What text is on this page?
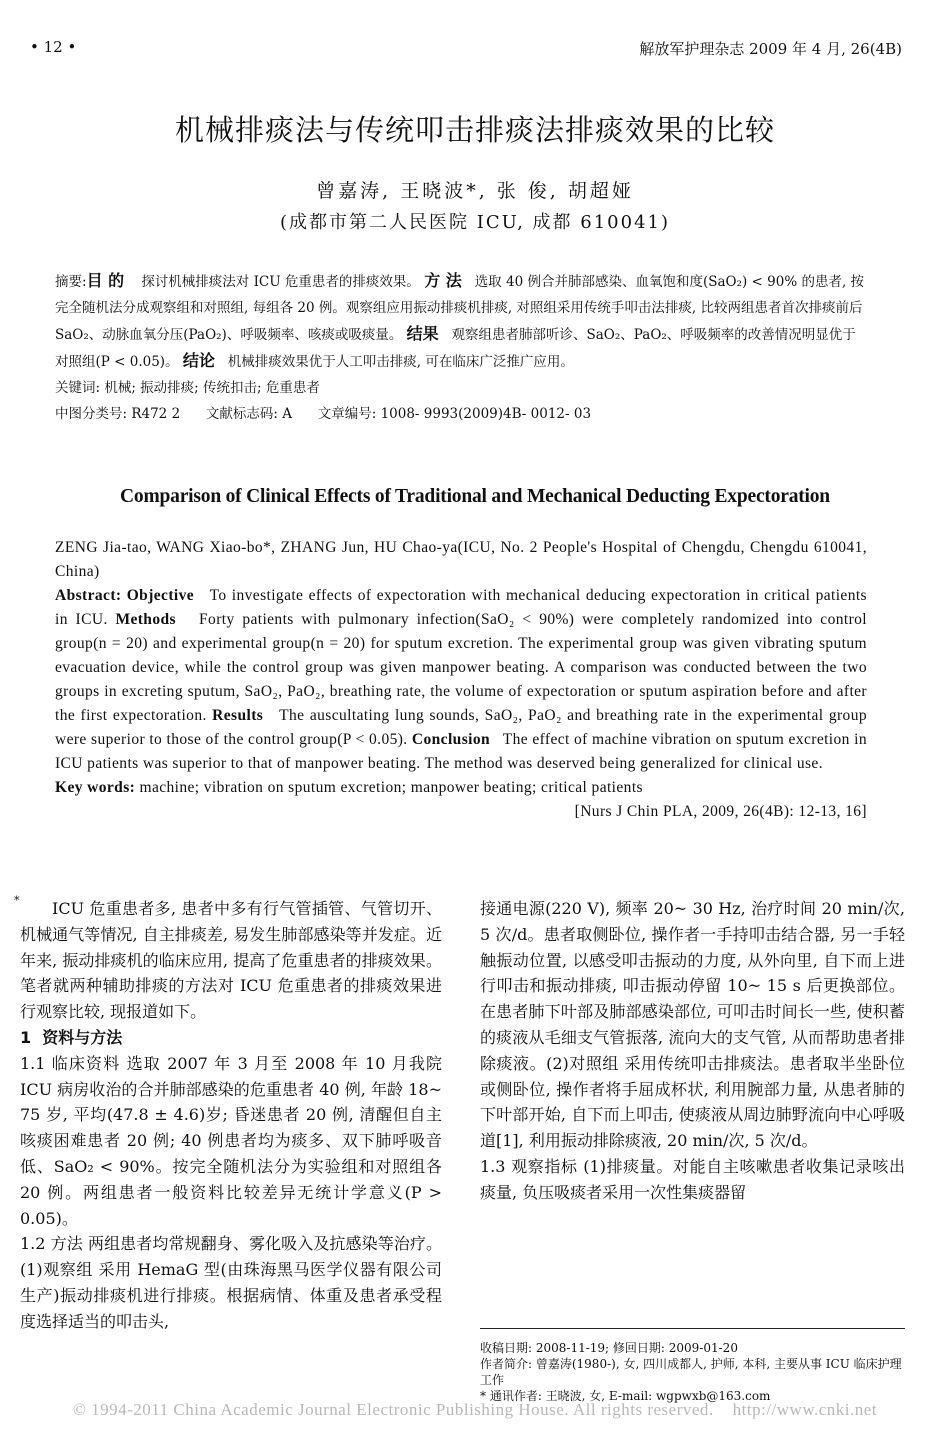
• 12 •	解放军护理杂志 2009 年 4 月, 26(4B)
机械排痰法与传统叩击排痰法排痰效果的比较
曾嘉涛, 王晓波*, 张 俊, 胡超娅
(成都市第二人民医院 ICU, 成都 610041)

摘要:目 的 探讨机械排痰法对 ICU 危重患者的排痰效果。 方 法 选取 40 例合并肺部感染、血氧饱和度(SaO₂) < 90% 的患者, 按完全随机法分成观察组和对照组, 每组各 20 例。观察组应用振动排痰机排痰, 对照组采用传统手叩击法排痰, 比较两组患者首次排痰前后 SaO₂、动脉血氧分压(PaO₂)、呼吸频率、咳痰或吸痰量。 结果 观察组患者肺部听诊、SaO₂、PaO₂、呼吸频率的改善情况明显优于对照组(P < 0.05)。 结论 机械排痰效果优于人工叩击排痰, 可在临床广泛推广应用。

关键词: 机械; 振动排痰; 传统扣击; 危重患者

中图分类号: R472 2      文献标志码: A      文章编号: 1008- 9993(2009)4B- 0012- 03

Comparison of Clinical Effects of Traditional and Mechanical Deducting Expectoration

ZENG Jia-tao, WANG Xiao-bo*, ZHANG Jun, HU Chao-ya(ICU, No. 2 People's Hospital of Chengdu, Chengdu 610041, China)

Abstract: Objective To investigate effects of expectoration with mechanical deducing expectoration in critical patients in ICU. Methods Forty patients with pulmonary infection(SaO₂ < 90%) were completely randomized into control group(n = 20) and experimental group(n = 20) for sputum excretion. The experimental group was given vibrating sputum evacuation device, while the control group was given manpower beating. A comparison was conducted between the two groups in excreting sputum, SaO₂, PaO₂, breathing rate, the volume of expectoration or sputum aspiration before and after the first expectoration. Results The auscultating lung sounds, SaO₂, PaO₂ and breathing rate in the experimental group were superior to those of the control group(P < 0.05). Conclusion The effect of machine vibration on sputum excretion in ICU patients was superior to that of manpower beating. The method was deserved being generalized for clinical use.

Key words: machine; vibration on sputum excretion; manpower beating; critical patients

[Nurs J Chin PLA, 2009, 26(4B): 12-13, 16]

*	ICU 危重患者多, 患者中多有行气管插管、气管切开、机械通气等情况, 自主排痰差, 易发生肺部感染等并发症。近年来, 振动排痰机的临床应用, 提高了危重患者的排痰效果。笔者就两种辅助排痰的方法对 ICU 危重患者的排痰效果进行观察比较, 现报道如下。

1  资料与方法

1.1 临床资料 选取 2007 年 3 月至 2008 年 10 月我院 ICU 病房收治的合并肺部感染的危重患者 40 例, 年龄 18~ 75 岁, 平均(47.8 ± 4.6)岁; 昏迷患者 20 例, 清醒但自主咳痰困难患者 20 例; 40 例患者均为痰多、双下肺呼吸音低、SaO₂ < 90%。按完全随机法分为实验组和对照组各 20 例。两组患者一般资料比较差异无统计学意义(P > 0.05)。

1.2 方法 两组患者均常规翻身、雾化吸入及抗感染等治疗。(1)观察组 采用 HemaG 型(由珠海黑马医学仪器有限公司生产)振动排痰机进行排痰。根据病情、体重及患者承受程度选择适当的叩击头,

接通电源(220 V), 频率 20~ 30 Hz, 治疗时间 20 min/次, 5 次/d。患者取侧卧位, 操作者一手持叩击结合器, 另一手轻触振动位置, 以感受叩击振动的力度, 从外向里, 自下而上进行叩击和振动排痰, 叩击振动停留 10~ 15 s 后更换部位。在患者肺下叶部及肺部感染部位, 可叩击时间长一些, 使积蓄的痰液从毛细支气管振落, 流向大的支气管, 从而帮助患者排除痰液。(2)对照组 采用传统叩击排痰法。患者取半坐卧位或侧卧位, 操作者将手屈成杯状, 利用腕部力量, 从患者肺的下叶部开始, 自下而上叩击, 使痰液从周边肺野流向中心呼吸道[1], 利用振动排除痰液, 20 min/次, 5 次/d。

1.3 观察指标 (1)排痰量。对能自主咳嗽患者收集记录咳出痰量, 负压吸痰者采用一次性集痰器留

收稿日期: 2008-11-19; 修回日期: 2009-01-20

作者简介: 曾嘉涛(1980-), 女, 四川成都人, 护师, 本科, 主要从事 ICU 临床护理工作

* 通讯作者: 王晓波, 女, E-mail: wgpwxb@163.com

© 1994-2011 China Academic Journal Electronic Publishing House. All rights reserved.    http://www.cnki.net
